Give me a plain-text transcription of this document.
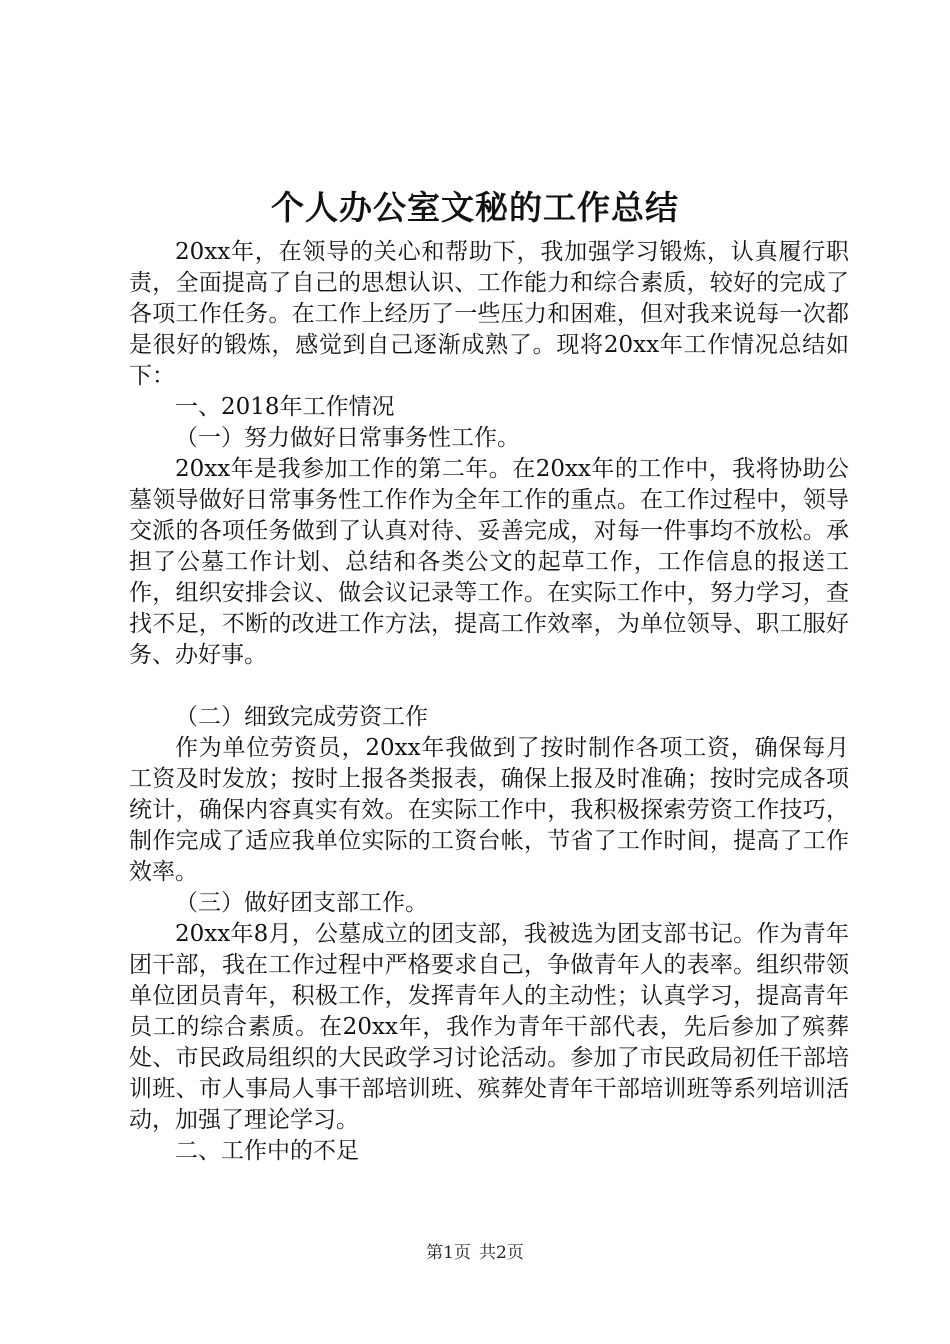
个人办公室文秘的工作总结

20xx年，在领导的关心和帮助下，我加强学习锻炼，认真履行职责，全面提高了自己的思想认识、工作能力和综合素质，较好的完成了各项工作任务。在工作上经历了一些压力和困难，但对我来说每一次都是很好的锻炼，感觉到自己逐渐成熟了。现将20xx年工作情况总结如下：

一、2018年工作情况

（一）努力做好日常事务性工作。

20xx年是我参加工作的第二年。在20xx年的工作中，我将协助公墓领导做好日常事务性工作作为全年工作的重点。在工作过程中，领导交派的各项任务做到了认真对待、妥善完成，对每一件事均不放松。承担了公墓工作计划、总结和各类公文的起草工作，工作信息的报送工作，组织安排会议、做会议记录等工作。在实际工作中，努力学习，查找不足，不断的改进工作方法，提高工作效率，为单位领导、职工服好务、办好事。

（二）细致完成劳资工作

作为单位劳资员，20xx年我做到了按时制作各项工资，确保每月工资及时发放；按时上报各类报表，确保上报及时准确；按时完成各项统计，确保内容真实有效。在实际工作中，我积极探索劳资工作技巧，制作完成了适应我单位实际的工资台帐，节省了工作时间，提高了工作效率。

（三）做好团支部工作。

20xx年8月，公墓成立的团支部，我被选为团支部书记。作为青年团干部，我在工作过程中严格要求自己，争做青年人的表率。组织带领单位团员青年，积极工作，发挥青年人的主动性；认真学习，提高青年员工的综合素质。在20xx年，我作为青年干部代表，先后参加了殡葬处、市民政局组织的大民政学习讨论活动。参加了市民政局初任干部培训班、市人事局人事干部培训班、殡葬处青年干部培训班等系列培训活动，加强了理论学习。

二、工作中的不足

第1页 共2页
